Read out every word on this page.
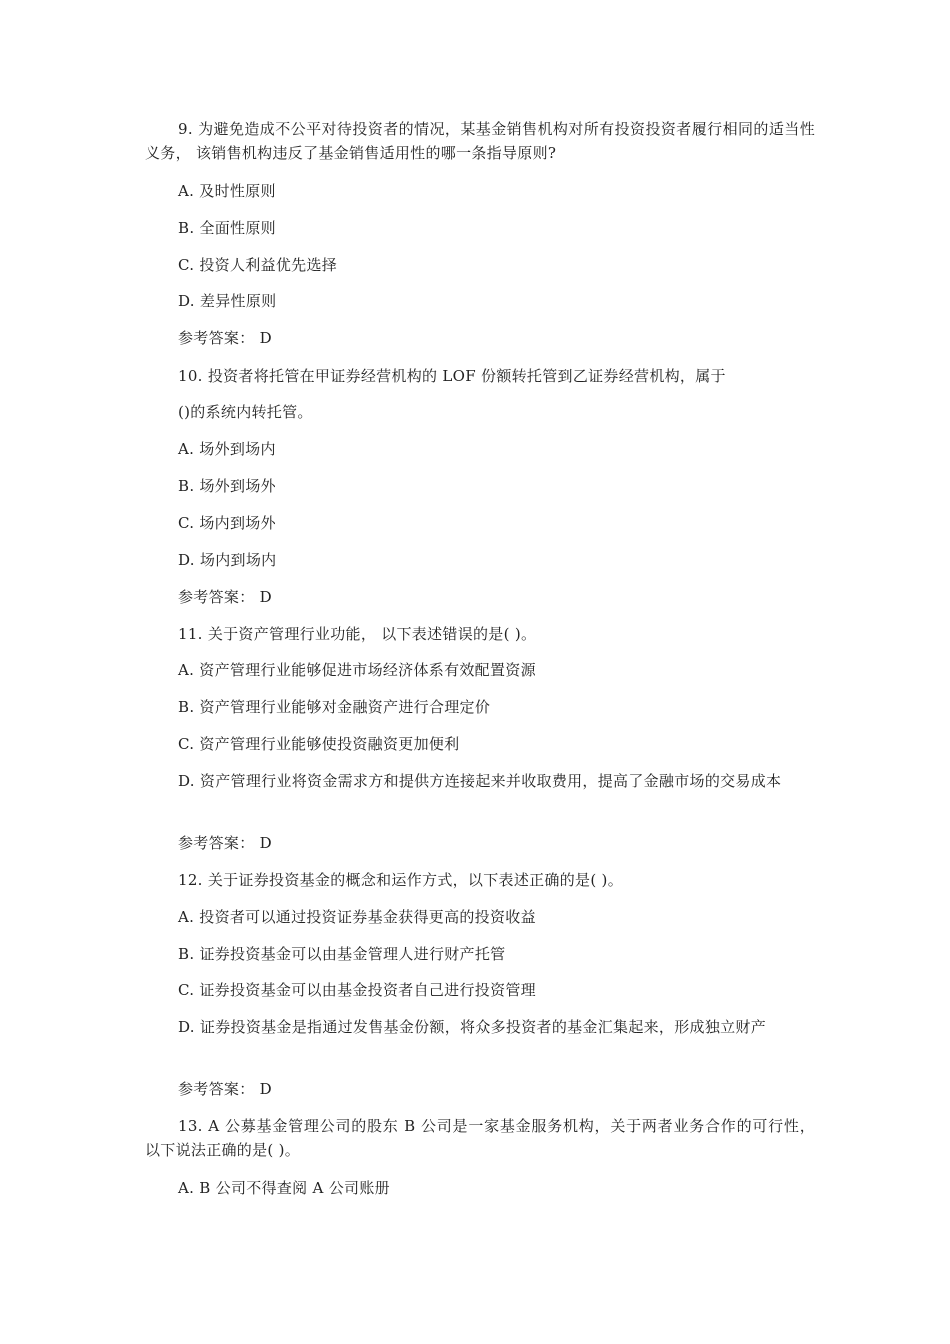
9. 为避免造成不公平对待投资者的情况，某基金销售机构对所有投资投资者履行相同的适当性义务， 该销售机构违反了基金销售适用性的哪一条指导原则?
A. 及时性原则
B. 全面性原则
C. 投资人利益优先选择
D. 差异性原则
参考答案： D
10. 投资者将托管在甲证券经营机构的 LOF 份额转托管到乙证券经营机构，属于
()的系统内转托管。
A. 场外到场内
B. 场外到场外
C. 场内到场外
D. 场内到场内
参考答案： D
11. 关于资产管理行业功能， 以下表述错误的是( )。
A. 资产管理行业能够促进市场经济体系有效配置资源
B. 资产管理行业能够对金融资产进行合理定价
C. 资产管理行业能够使投资融资更加便利
D. 资产管理行业将资金需求方和提供方连接起来并收取费用，提高了金融市场的交易成本
参考答案： D
12. 关于证券投资基金的概念和运作方式，以下表述正确的是( )。
A. 投资者可以通过投资证券基金获得更高的投资收益
B. 证券投资基金可以由基金管理人进行财产托管
C. 证券投资基金可以由基金投资者自己进行投资管理
D. 证券投资基金是指通过发售基金份额，将众多投资者的基金汇集起来，形成独立财产
参考答案： D
13. A 公募基金管理公司的股东 B 公司是一家基金服务机构，关于两者业务合作的可行性， 以下说法正确的是( )。
A. B 公司不得查阅 A 公司账册
